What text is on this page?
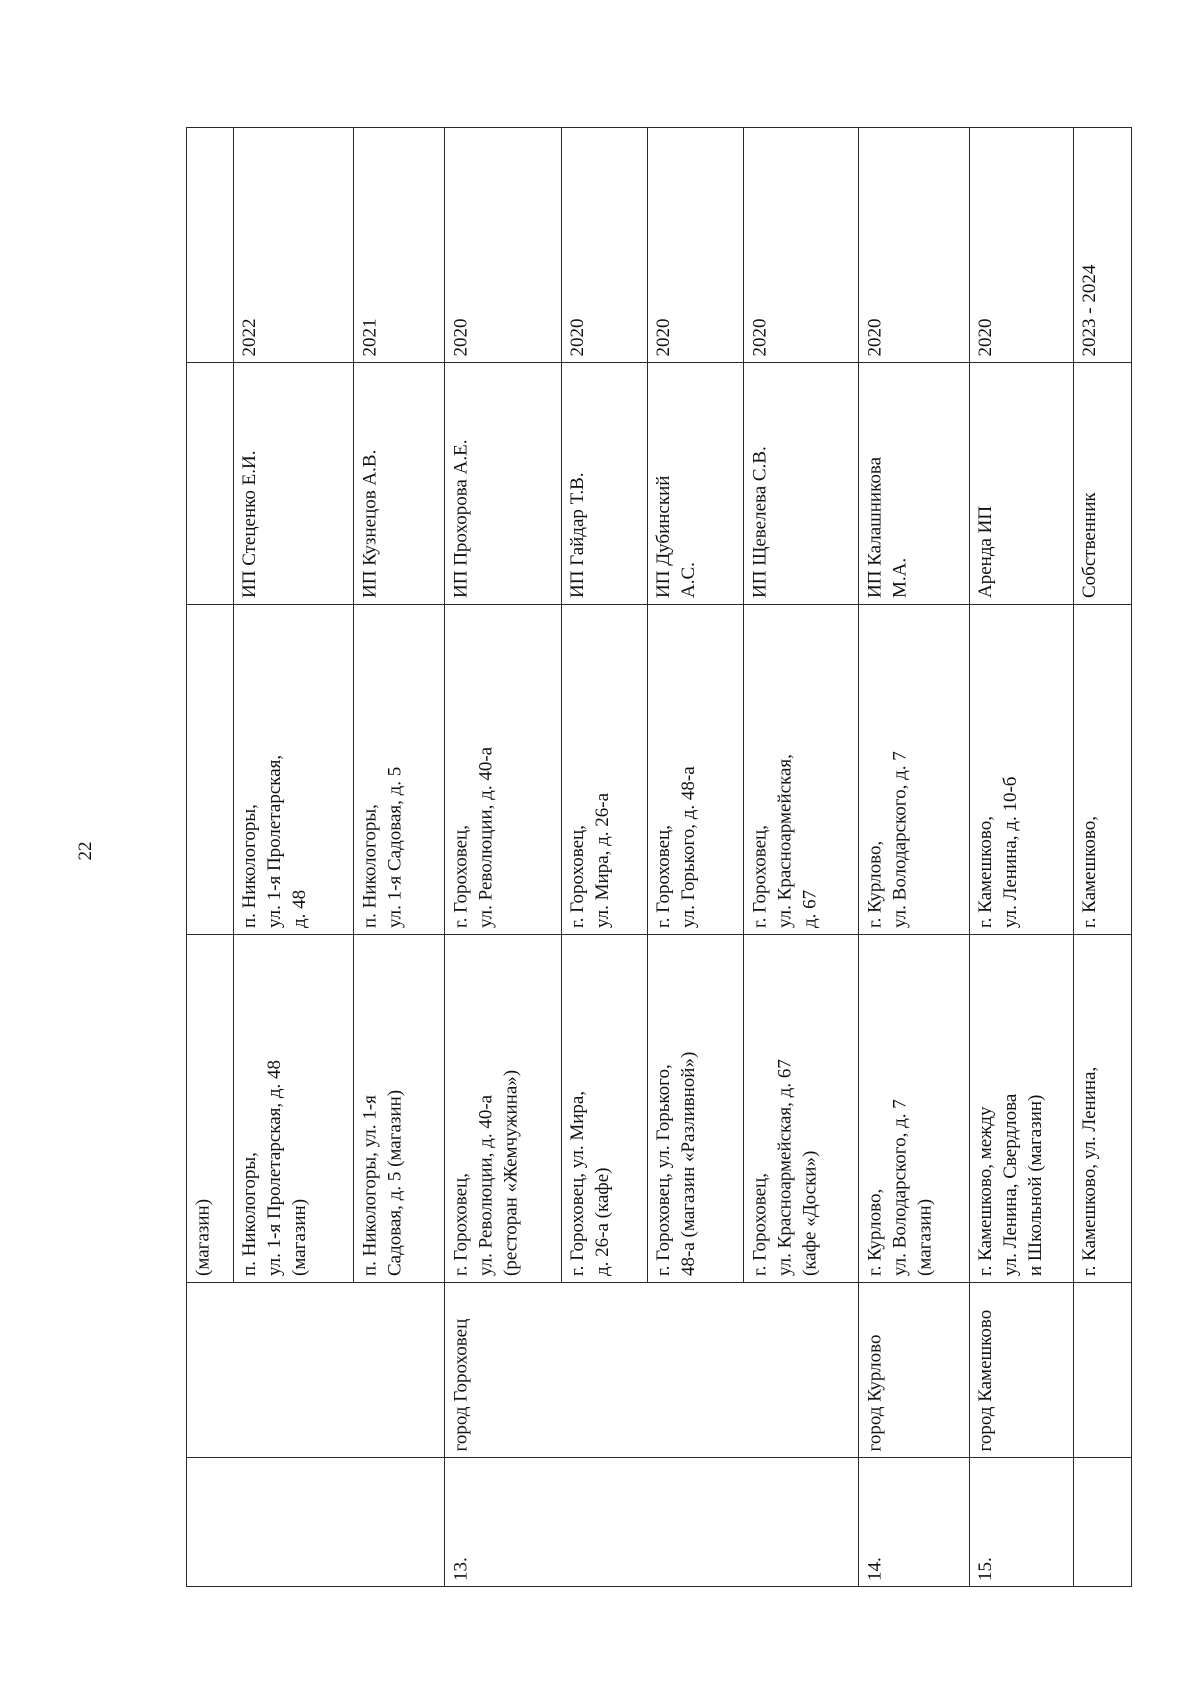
22
(магазин)	п. Никологоры,
ул. 1-я Пролетарская, д. 48
(магазин)
п. Никологоры,
ул. 1-я Пролетарская,
д. 48
ИП Стеценко Е.И.
2022
п. Никологоры, ул. 1-я
Садовая, д. 5 (магазин)
п. Никологоры,
ул. 1-я Садовая, д. 5
ИП Кузнецов А.В.
2021
13.
город Гороховец
г. Гороховец,
ул. Революции, д. 40-а
(ресторан «Жемчужина»)
г. Гороховец,
ул. Революции, д. 40-а
ИП Прохорова А.Е.
2020
г. Гороховец, ул. Мира,
д. 26-а (кафе)
г. Гороховец,
ул. Мира, д. 26-а
ИП Гайдар Т.В.
2020
г. Гороховец, ул. Горького,
48-а (магазин «Разливной»)
г. Гороховец,
ул. Горького, д. 48-а
ИП Дубинский
А.С.
2020
г. Гороховец,
ул. Красноармейская, д. 67
(кафе «Доски»)
г. Гороховец,
ул. Красноармейская,
д. 67
ИП Щевелева С.В.
2020
14.
город Курлово
г. Курлово,
ул. Володарского, д. 7
(магазин)
г. Курлово,
ул. Володарского, д. 7
ИП Калашникова
М.А.
2020
15.
город Камешково
г. Камешково, между
ул. Ленина, Свердлова
и Школьной (магазин)
г. Камешково,
ул. Ленина, д. 10-б
Аренда ИП
2020
г. Камешково, ул. Ленина,
г. Камешково,
Собственник
2023 - 2024
